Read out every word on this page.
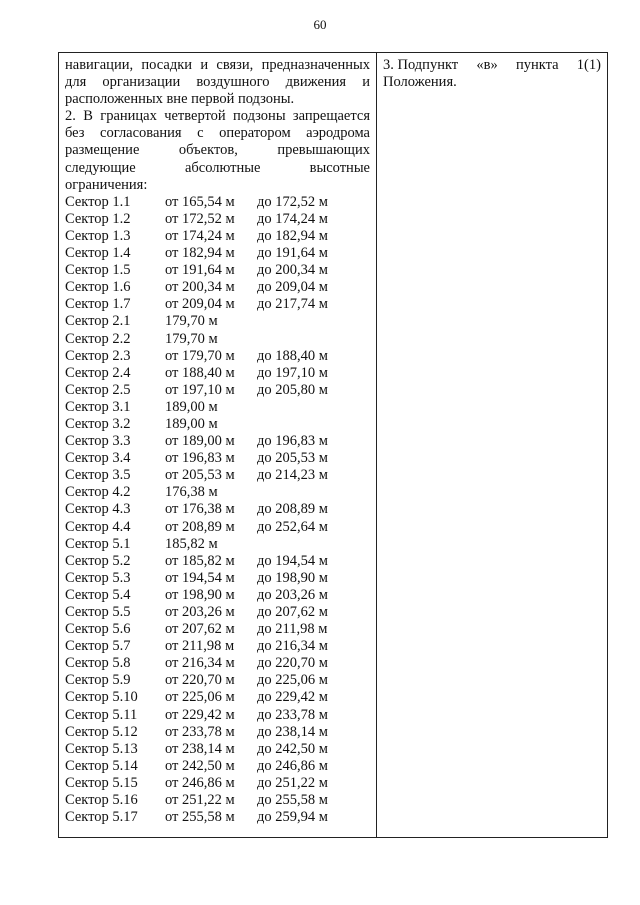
60
навигации, посадки и связи, предназначенных
для организации воздушного движения и
расположенных вне первой подзоны.
2. В границах четвертой подзоны запрещается
без согласования с оператором аэродрома
размещение объектов, превышающих
следующие абсолютные высотные
ограничения:
Сектор 1.1	от 165,54 м	до 172,52 м
Сектор 1.2	от 172,52 м	до 174,24 м
Сектор 1.3	от 174,24 м	до 182,94 м
Сектор 1.4	от 182,94 м	до 191,64 м
Сектор 1.5	от 191,64 м	до 200,34 м
Сектор 1.6	от 200,34 м	до 209,04 м
Сектор 1.7	от 209,04 м	до 217,74 м
Сектор 2.1	179,70 м
Сектор 2.2	179,70 м
Сектор 2.3	от 179,70 м	до 188,40 м
Сектор 2.4	от 188,40 м	до 197,10 м
Сектор 2.5	от 197,10 м	до 205,80 м
Сектор 3.1	189,00 м
Сектор 3.2	189,00 м
Сектор 3.3	от 189,00 м	до 196,83 м
Сектор 3.4	от 196,83 м	до 205,53 м
Сектор 3.5	от 205,53 м	до 214,23 м
Сектор 4.2	176,38 м
Сектор 4.3	от 176,38 м	до 208,89 м
Сектор 4.4	от 208,89 м	до 252,64 м
Сектор 5.1	185,82 м
Сектор 5.2	от 185,82 м	до 194,54 м
Сектор 5.3	от 194,54 м	до 198,90 м
Сектор 5.4	от 198,90 м	до 203,26 м
Сектор 5.5	от 203,26 м	до 207,62 м
Сектор 5.6	от 207,62 м	до 211,98 м
Сектор 5.7	от 211,98 м	до 216,34 м
Сектор 5.8	от 216,34 м	до 220,70 м
Сектор 5.9	от 220,70 м	до 225,06 м
Сектор 5.10	от 225,06 м	до 229,42 м
Сектор 5.11	от 229,42 м	до 233,78 м
Сектор 5.12	от 233,78 м	до 238,14 м
Сектор 5.13	от 238,14 м	до 242,50 м
Сектор 5.14	от 242,50 м	до 246,86 м
Сектор 5.15	от 246,86 м	до 251,22 м
Сектор 5.16	от 251,22 м	до 255,58 м
Сектор 5.17	от 255,58 м	до 259,94 м
3. Подпункт «в» пункта 1(1)
Положения.
